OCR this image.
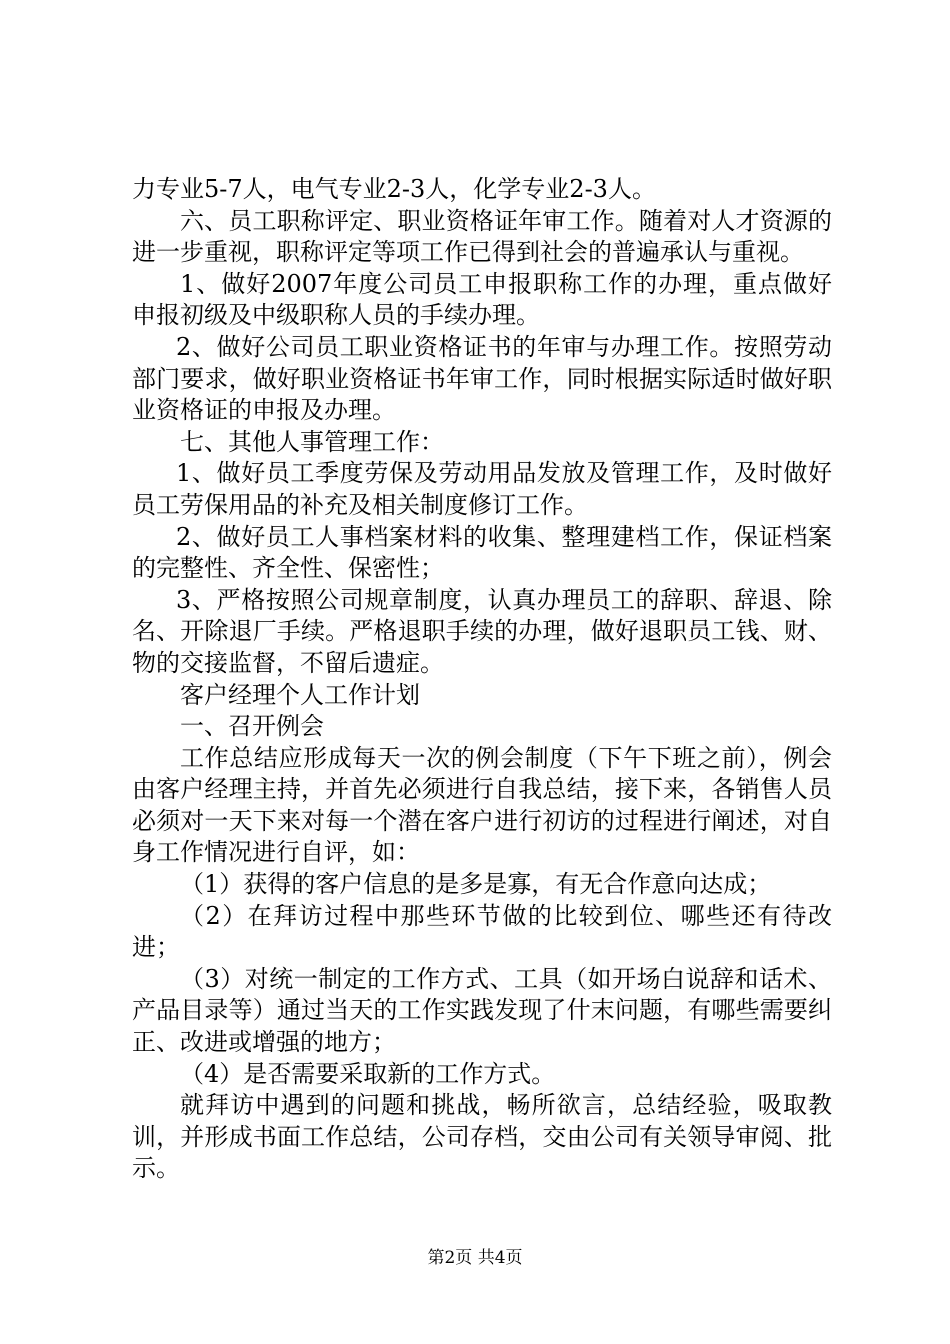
力专业5-7人，电气专业2-3人，化学专业2-3人。

六、员工职称评定、职业资格证年审工作。随着对人才资源的进一步重视，职称评定等项工作已得到社会的普遍承认与重视。

1、做好2007年度公司员工申报职称工作的办理，重点做好申报初级及中级职称人员的手续办理。

2、做好公司员工职业资格证书的年审与办理工作。按照劳动部门要求，做好职业资格证书年审工作，同时根据实际适时做好职业资格证的申报及办理。

七、其他人事管理工作：

1、做好员工季度劳保及劳动用品发放及管理工作，及时做好员工劳保用品的补充及相关制度修订工作。

2、做好员工人事档案材料的收集、整理建档工作，保证档案的完整性、齐全性、保密性；

3、严格按照公司规章制度，认真办理员工的辞职、辞退、除名、开除退厂手续。严格退职手续的办理，做好退职员工钱、财、物的交接监督，不留后遗症。

客户经理个人工作计划

一、召开例会

工作总结应形成每天一次的例会制度（下午下班之前），例会由客户经理主持，并首先必须进行自我总结，接下来，各销售人员必须对一天下来对每一个潜在客户进行初访的过程进行阐述，对自身工作情况进行自评，如：

（1）获得的客户信息的是多是寡，有无合作意向达成；

（2）在拜访过程中那些环节做的比较到位、哪些还有待改进；

（3）对统一制定的工作方式、工具（如开场白说辞和话术、产品目录等）通过当天的工作实践发现了什末问题，有哪些需要纠正、改进或增强的地方；

（4）是否需要采取新的工作方式。

就拜访中遇到的问题和挑战，畅所欲言，总结经验，吸取教训，并形成书面工作总结，公司存档，交由公司有关领导审阅、批示。

第2页 共4页
